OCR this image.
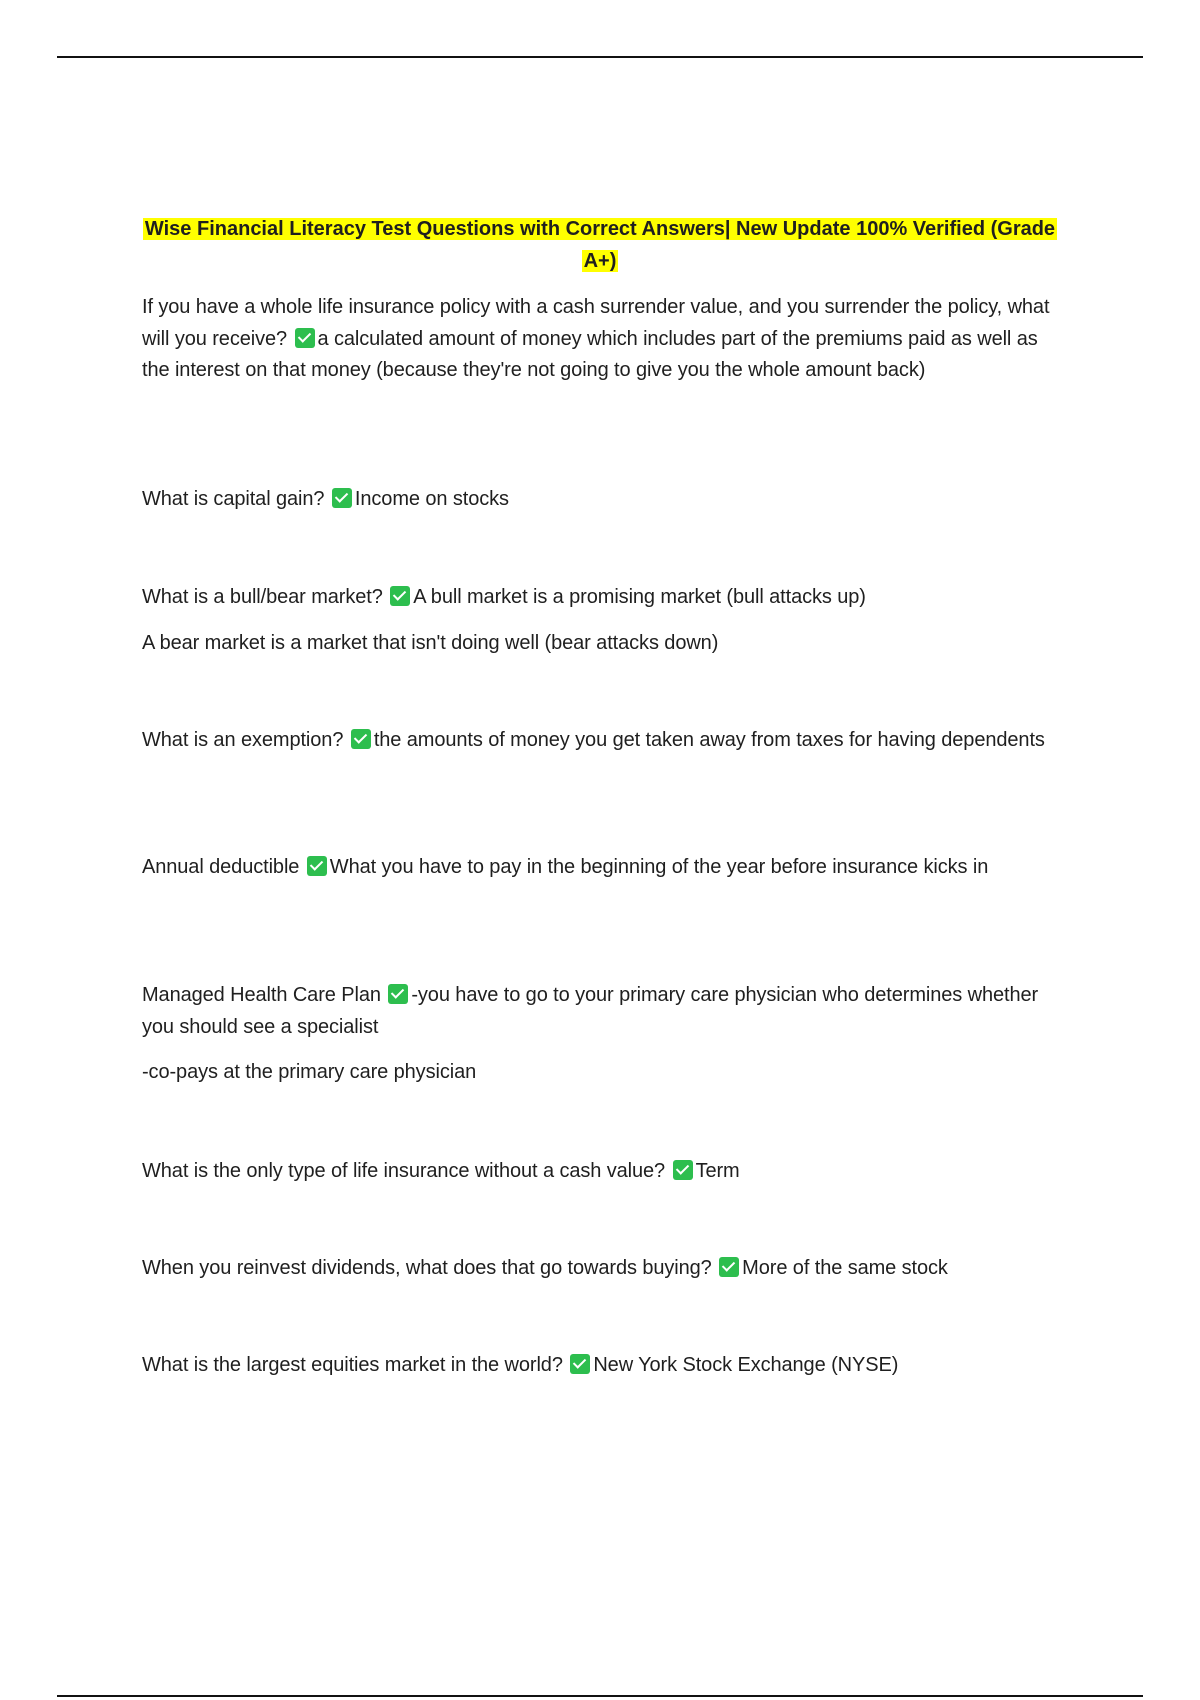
Wise Financial Literacy Test Questions with Correct Answers| New Update 100% Verified (Grade A+)

If you have a whole life insurance policy with a cash surrender value, and you surrender the policy, what will you receive? a calculated amount of money which includes part of the premiums paid as well as the interest on that money (because they're not going to give you the whole amount back)

What is capital gain? Income on stocks

What is a bull/bear market? A bull market is a promising market (bull attacks up)

A bear market is a market that isn't doing well (bear attacks down)

What is an exemption? the amounts of money you get taken away from taxes for having dependents

Annual deductible What you have to pay in the beginning of the year before insurance kicks in

Managed Health Care Plan -you have to go to your primary care physician who determines whether you should see a specialist

-co-pays at the primary care physician

What is the only type of life insurance without a cash value? Term

When you reinvest dividends, what does that go towards buying? More of the same stock

What is the largest equities market in the world? New York Stock Exchange (NYSE)
